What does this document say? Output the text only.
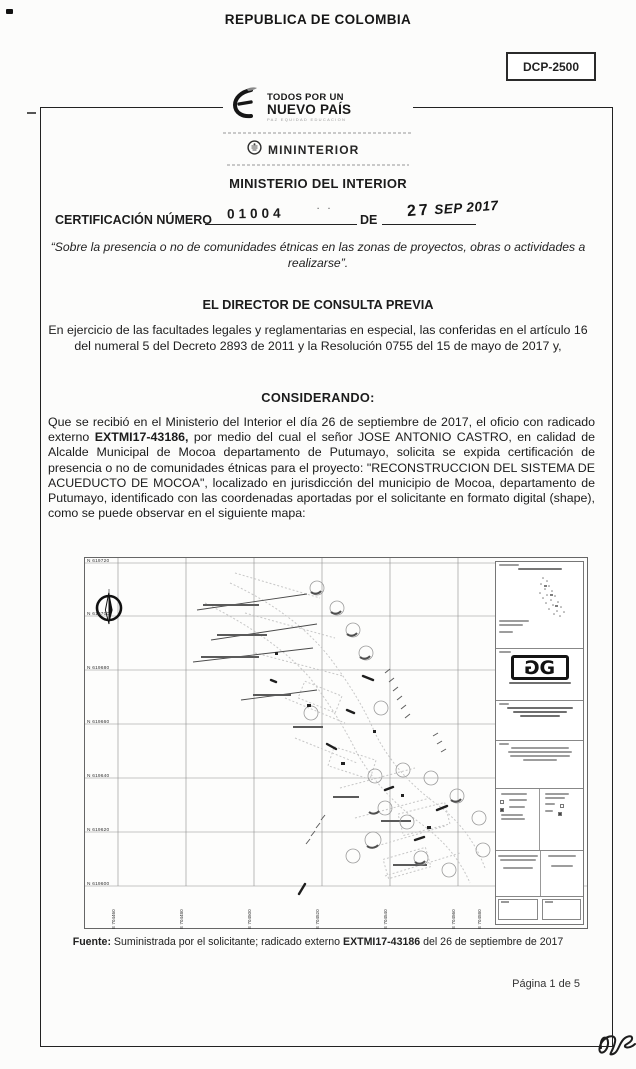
REPUBLICA DE COLOMBIA
DCP-2500
TODOS POR UN
NUEVO PAÍS
PAZ EQUIDAD EDUCACION
MININTERIOR
MINISTERIO DEL INTERIOR
CERTIFICACIÓN NÚMERO 01004	· ·
DE 27 SEP 2017
“Sobre la presencia o no de comunidades étnicas en las zonas de proyectos, obras o actividades a realizarse”.
EL DIRECTOR DE CONSULTA PREVIA
En ejercicio de las facultades legales y reglamentarias en especial, las conferidas en el artículo 16 del numeral 5 del Decreto 2893 de 2011 y la Resolución 0755 del 15 de mayo de 2017 y,
CONSIDERANDO:
Que se recibió en el Ministerio del Interior el día 26 de septiembre de 2017, el oficio con radicado externo EXTMI17-43186, por medio del cual el señor JOSE ANTONIO CASTRO, en calidad de Alcalde Municipal de Mocoa departamento de Putumayo, solicita se expida certificación de presencia o no de comunidades étnicas para el proyecto: "RECONSTRUCCION DEL SISTEMA DE ACUEDUCTO DE MOCOA", localizado en jurisdicción del municipio de Mocoa, departamento de Putumayo, identificado con las coordenadas aportadas por el solicitante en formato digital (shape), como se puede observar en el siguiente mapa:
N 619720
N 619700
N 619680
N 619660
N 619640
N 619620
N 619600
E 704460	E 704480	E 704500	E 704520	E 704540	E 704560	E 704580
G G
Fuente: Suministrada por el solicitante; radicado externo EXTMI17-43186 del 26 de septiembre de 2017
Página 1 de 5
